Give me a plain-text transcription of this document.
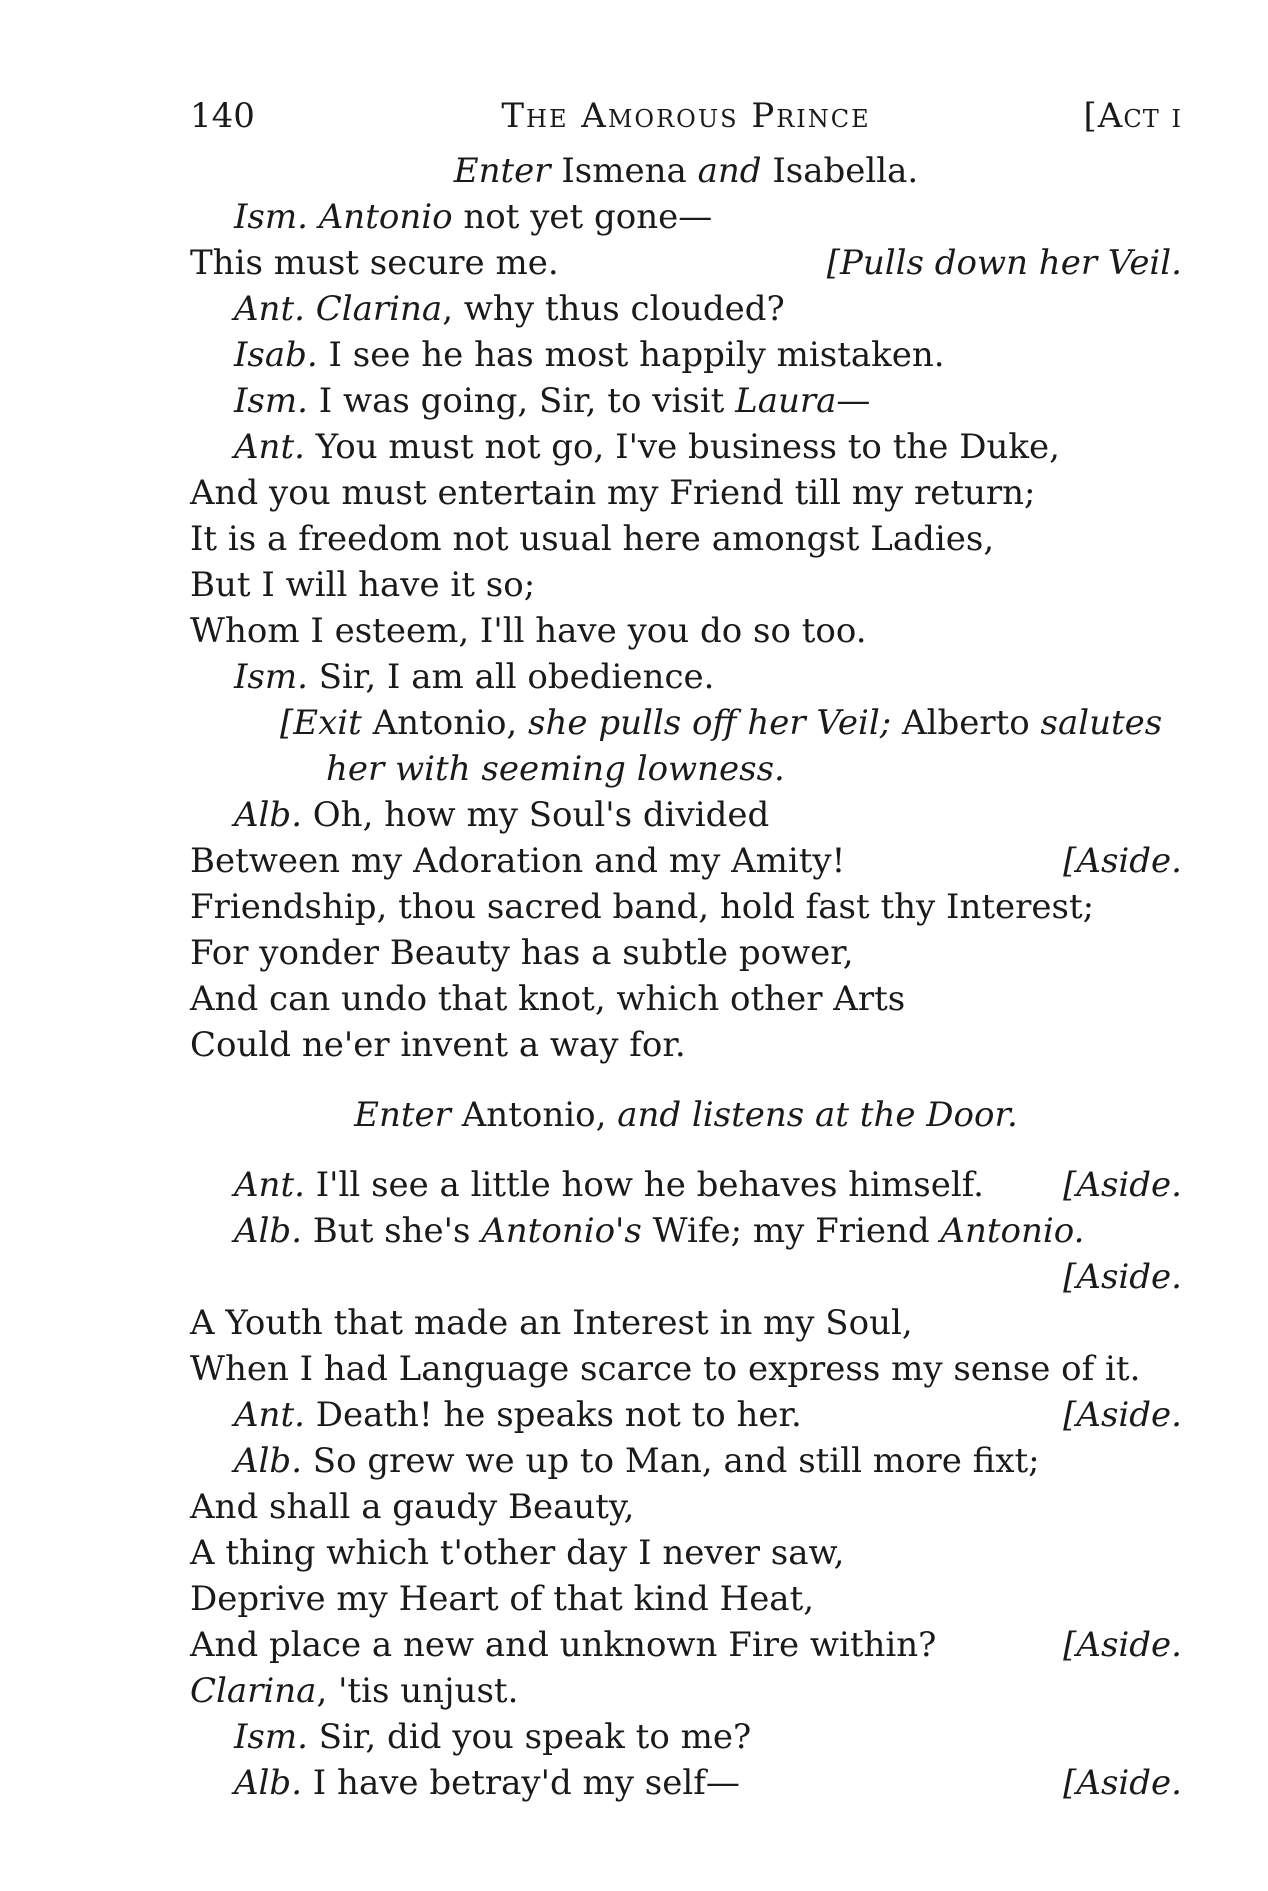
140	The Amorous Prince	[Act i
Enter Ismena and Isabella.
Ism. Antonio not yet gone—
This must secure me.	[Pulls down her Veil.
Ant. Clarina, why thus clouded?
Isab. I see he has most happily mistaken.
Ism. I was going, Sir, to visit Laura—
Ant. You must not go, I've business to the Duke,
And you must entertain my Friend till my return;
It is a freedom not usual here amongst Ladies,
But I will have it so;
Whom I esteem, I'll have you do so too.
Ism. Sir, I am all obedience.
[Exit Antonio, she pulls off her Veil; Alberto salutes
her with seeming lowness.
Alb. Oh, how my Soul's divided
Between my Adoration and my Amity!	[Aside.
Friendship, thou sacred band, hold fast thy Interest;
For yonder Beauty has a subtle power,
And can undo that knot, which other Arts
Could ne'er invent a way for.
Enter Antonio, and listens at the Door.
Ant. I'll see a little how he behaves himself. [Aside.
Alb. But she's Antonio's Wife; my Friend Antonio.
[Aside.
A Youth that made an Interest in my Soul,
When I had Language scarce to express my sense of it.
Ant. Death! he speaks not to her.	[Aside.
Alb. So grew we up to Man, and still more fixt;
And shall a gaudy Beauty,
A thing which t'other day I never saw,
Deprive my Heart of that kind Heat,
And place a new and unknown Fire within?	[Aside.
Clarina, 'tis unjust.
Ism. Sir, did you speak to me?
Alb. I have betray'd my self—	[Aside.
